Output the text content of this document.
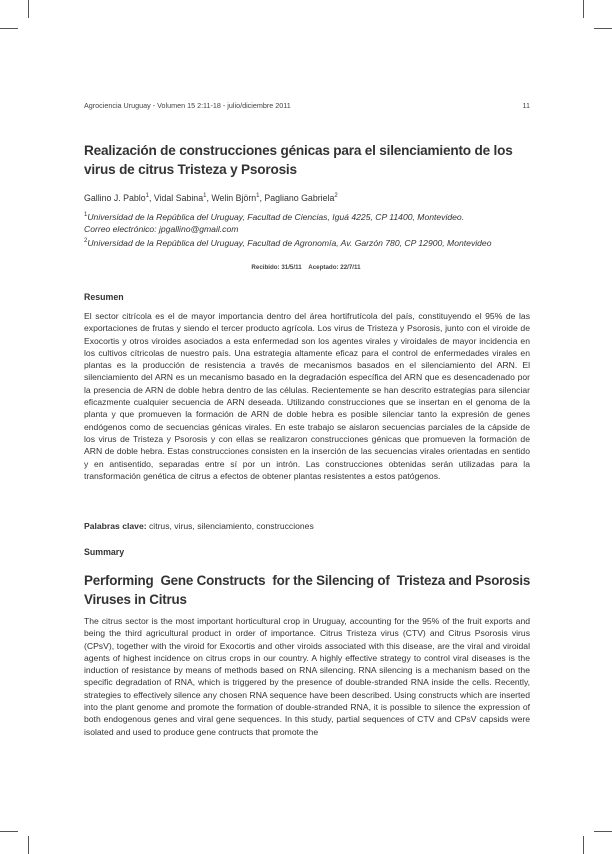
Agrociencia Uruguay - Volumen 15 2:11-18 - julio/diciembre 2011	11
Realización de construcciones génicas para el silenciamiento de los virus de citrus Tristeza y Psorosis
Gallino J. Pablo$^1$, Vidal Sabina$^1$, Welin Björn$^1$, Pagliano Gabriela$^2$
$^1$Universidad de la República del Uruguay, Facultad de Ciencias, Iguá 4225, CP 11400, Montevideo.
Correo electrónico: jpgallino@gmail.com
$^2$Universidad de la República del Uruguay, Facultad de Agronomía, Av. Garzón 780, CP 12900, Montevideo
Recibido: 31/5/11    Aceptado: 22/7/11
Resumen

El sector citrícola es el de mayor importancia dentro del área hortifrutícola del país, constituyendo el 95% de las exportaciones de frutas y siendo el tercer producto agrícola. Los virus de Tristeza y Psorosis, junto con el viroide de Exocortis y otros viroides asociados a esta enfermedad son los agentes virales y viroidales de mayor incidencia en los cultivos cítricolas de nuestro país. Una estrategia altamente eficaz para el control de enfermedades virales en plantas es la producción de resistencia a través de mecanismos basados en el silenciamiento del ARN. El silenciamiento del ARN es un mecanismo basado en la degradación específica del ARN que es desencadenado por la presencia de ARN de doble hebra dentro de las células. Recientemente se han descrito estrategias para silenciar eficazmente cualquier secuencia de ARN deseada. Utilizando construcciones que se insertan en el genoma de la planta y que promueven la formación de ARN de doble hebra es posible silenciar tanto la expresión de genes endógenos como de secuencias génicas virales. En este trabajo se aislaron secuencias parciales de la cápside de los virus de Tristeza y Psorosis y con ellas se realizaron construcciones génicas que promueven la formación de ARN de doble hebra. Estas construcciones consisten en la inserción de las secuencias virales orientadas en sentido y en antisentido, separadas entre sí por un intrón. Las construcciones obtenidas serán utilizadas para la transformación genética de citrus a efectos de obtener plantas resistentes a estos patógenos.

Palabras clave: citrus, virus, silenciamiento, construcciones
Summary
Performing  Gene Constructs  for the Silencing of  Tristeza and Psorosis Viruses in Citrus

The citrus sector is the most important horticultural crop in Uruguay, accounting for the 95% of the fruit exports and being the third agricultural product in order of importance. Citrus Tristeza virus (CTV) and Citrus Psorosis virus (CPsV), together with the viroid for Exocortis and other viroids associated with this disease, are the viral and viroidal agents of highest incidence on citrus crops in our country. A highly effective strategy to control viral diseases is the induction of resistance by means of methods based on RNA silencing. RNA silencing is a mechanism based on the specific degradation of RNA, which is triggered by the presence of double-stranded RNA inside the cells. Recently, strategies to effectively silence any chosen RNA sequence have been described. Using constructs which are inserted into the plant genome and promote the formation of double-stranded RNA, it is possible to silence the expression of both endogenous genes and viral gene sequences. In this study, partial sequences of CTV and CPsV capsids were isolated and used to produce gene contructs that promote the
